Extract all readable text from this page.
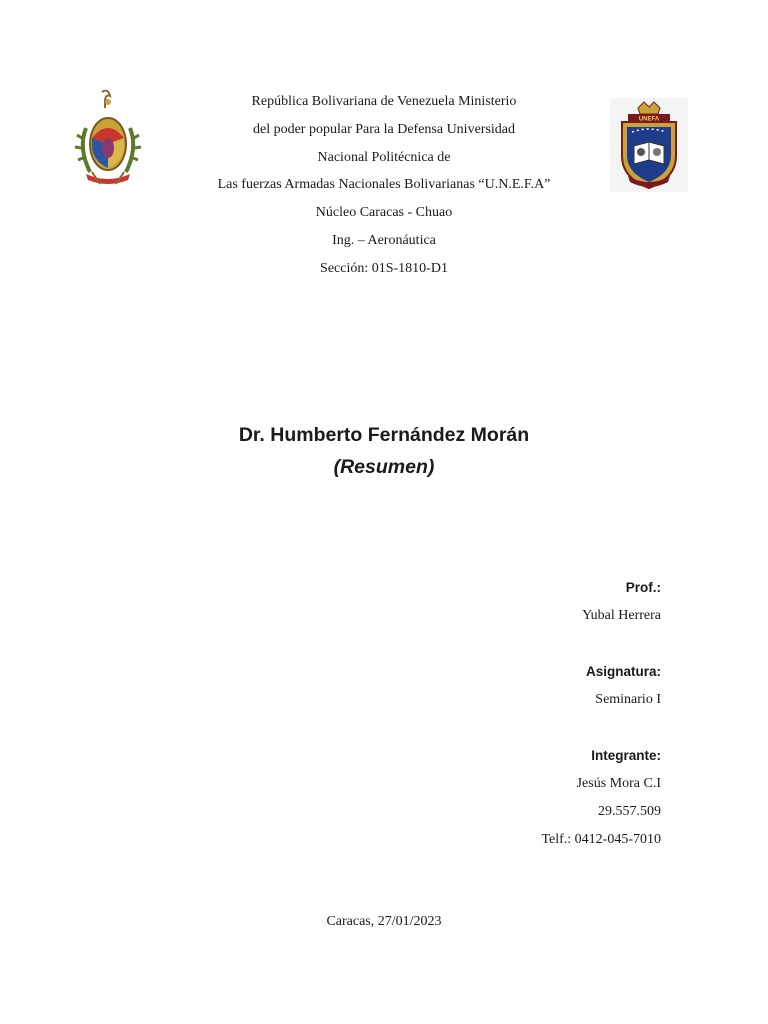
UNEFA
República Bolivariana de Venezuela Ministerio
del poder popular Para la Defensa Universidad
Nacional Politécnica de
Las fuerzas Armadas Nacionales Bolivarianas “U.N.E.F.A”
Núcleo Caracas - Chuao
Ing. – Aeronáutica
Sección: 01S-1810-D1
Dr. Humberto Fernández Morán
(Resumen)
Prof.:
Yubal Herrera
Asignatura:
Seminario I
Integrante:
Jesús Mora C.I
29.557.509
Telf.: 0412-045-7010
Caracas, 27/01/2023
